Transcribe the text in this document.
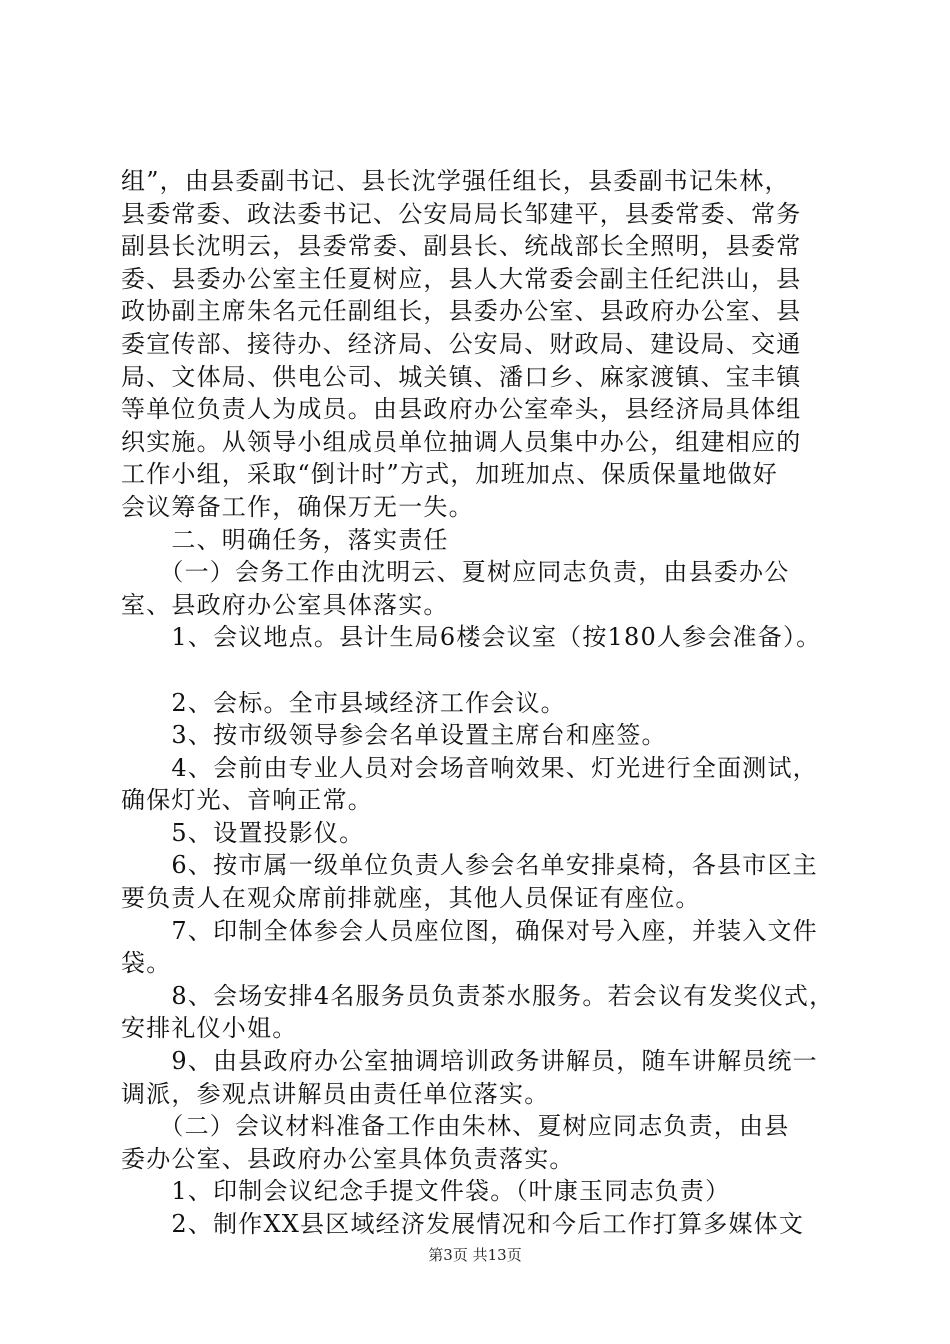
组”，由县委副书记、县长沈学强任组长，县委副书记朱林，
县委常委、政法委书记、公安局局长邹建平，县委常委、常务
副县长沈明云，县委常委、副县长、统战部长全照明，县委常
委、县委办公室主任夏树应，县人大常委会副主任纪洪山，县
政协副主席朱名元任副组长，县委办公室、县政府办公室、县
委宣传部、接待办、经济局、公安局、财政局、建设局、交通
局、文体局、供电公司、城关镇、潘口乡、麻家渡镇、宝丰镇
等单位负责人为成员。由县政府办公室牵头，县经济局具体组
织实施。从领导小组成员单位抽调人员集中办公，组建相应的
工作小组，采取“倒计时”方式，加班加点、保质保量地做好
会议筹备工作，确保万无一失。
　　二、明确任务，落实责任
　　（一）会务工作由沈明云、夏树应同志负责，由县委办公
室、县政府办公室具体落实。
　　1、会议地点。县计生局6楼会议室（按180人参会准备）。
　　2、会标。全市县域经济工作会议。
　　3、按市级领导参会名单设置主席台和座签。
　　4、会前由专业人员对会场音响效果、灯光进行全面测试，
确保灯光、音响正常。
　　5、设置投影仪。
　　6、按市属一级单位负责人参会名单安排桌椅，各县市区主
要负责人在观众席前排就座，其他人员保证有座位。
　　7、印制全体参会人员座位图，确保对号入座，并装入文件
袋。
　　8、会场安排4名服务员负责茶水服务。若会议有发奖仪式，
安排礼仪小姐。
　　9、由县政府办公室抽调培训政务讲解员，随车讲解员统一
调派，参观点讲解员由责任单位落实。
　　（二）会议材料准备工作由朱林、夏树应同志负责，由县
委办公室、县政府办公室具体负责落实。
　　1、印制会议纪念手提文件袋。（叶康玉同志负责）
　　2、制作XX县区域经济发展情况和今后工作打算多媒体文
第3页 共13页
